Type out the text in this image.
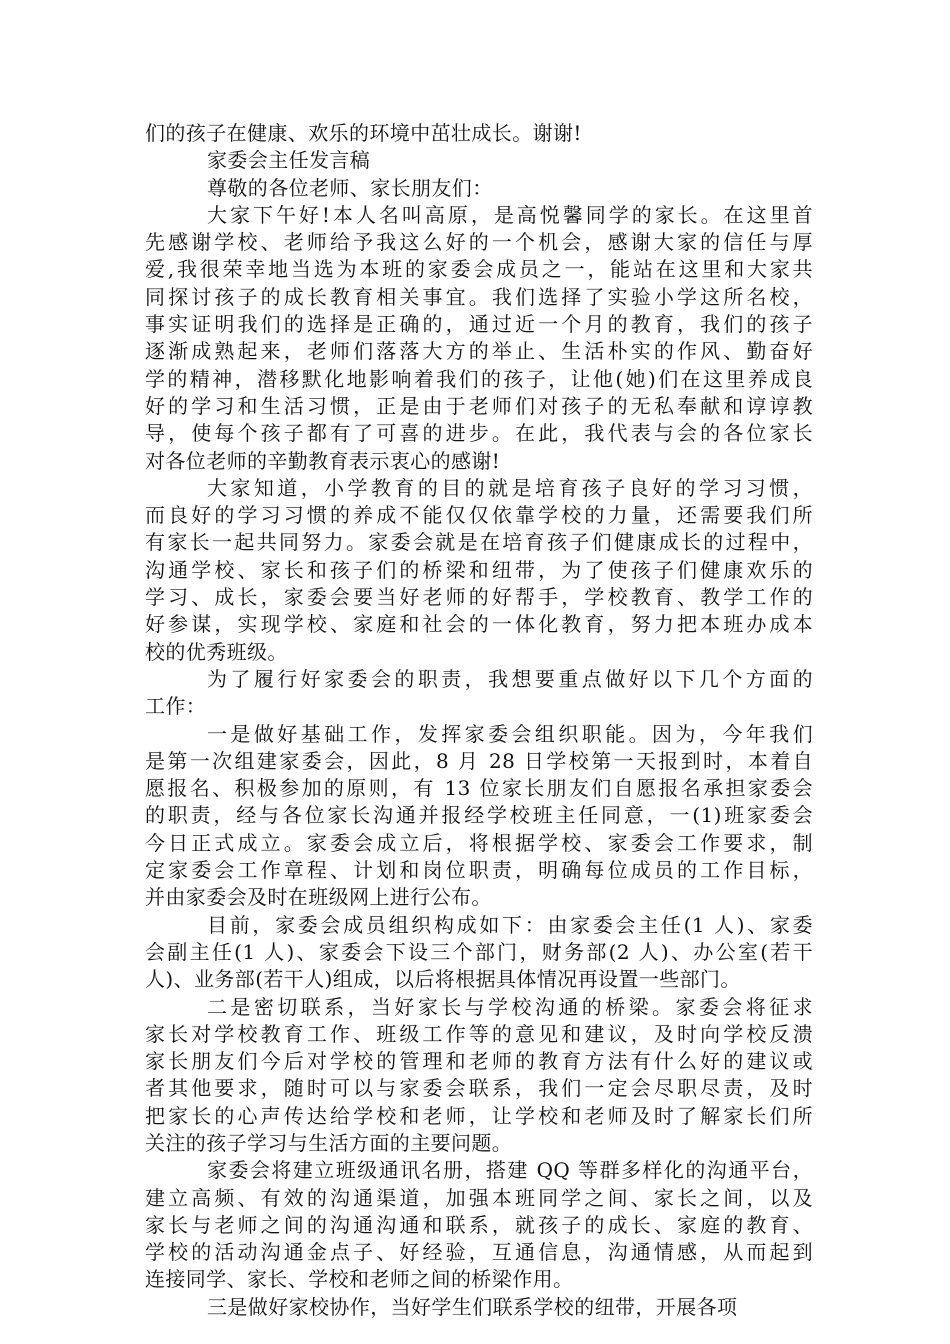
们的孩子在健康、欢乐的环境中茁壮成长。谢谢!
家委会主任发言稿
尊敬的各位老师、家长朋友们：
大家下午好!本人名叫高原，是高悦馨同学的家长。在这里首
先感谢学校、老师给予我这么好的一个机会，感谢大家的信任与厚
爱,我很荣幸地当选为本班的家委会成员之一，能站在这里和大家共
同探讨孩子的成长教育相关事宜。我们选择了实验小学这所名校，
事实证明我们的选择是正确的，通过近一个月的教育，我们的孩子
逐渐成熟起来，老师们落落大方的举止、生活朴实的作风、勤奋好
学的精神，潜移默化地影响着我们的孩子，让他(她)们在这里养成良
好的学习和生活习惯，正是由于老师们对孩子的无私奉献和谆谆教
导，使每个孩子都有了可喜的进步。在此，我代表与会的各位家长
对各位老师的辛勤教育表示衷心的感谢!
大家知道，小学教育的目的就是培育孩子良好的学习习惯，
而良好的学习习惯的养成不能仅仅依靠学校的力量，还需要我们所
有家长一起共同努力。家委会就是在培育孩子们健康成长的过程中，
沟通学校、家长和孩子们的桥梁和纽带，为了使孩子们健康欢乐的
学习、成长，家委会要当好老师的好帮手，学校教育、教学工作的
好参谋，实现学校、家庭和社会的一体化教育，努力把本班办成本
校的优秀班级。
为了履行好家委会的职责，我想要重点做好以下几个方面的
工作：
一是做好基础工作，发挥家委会组织职能。因为，今年我们
是第一次组建家委会，因此，8 月 28 日学校第一天报到时，本着自
愿报名、积极参加的原则，有 13 位家长朋友们自愿报名承担家委会
的职责，经与各位家长沟通并报经学校班主任同意，一(1)班家委会
今日正式成立。家委会成立后，将根据学校、家委会工作要求，制
定家委会工作章程、计划和岗位职责，明确每位成员的工作目标，
并由家委会及时在班级网上进行公布。
目前，家委会成员组织构成如下：由家委会主任(1 人)、家委
会副主任(1 人)、家委会下设三个部门，财务部(2 人)、办公室(若干
人)、业务部(若干人)组成，以后将根据具体情况再设置一些部门。
二是密切联系，当好家长与学校沟通的桥梁。家委会将征求
家长对学校教育工作、班级工作等的意见和建议，及时向学校反溃
家长朋友们今后对学校的管理和老师的教育方法有什么好的建议或
者其他要求，随时可以与家委会联系，我们一定会尽职尽责，及时
把家长的心声传达给学校和老师，让学校和老师及时了解家长们所
关注的孩子学习与生活方面的主要问题。
家委会将建立班级通讯名册，搭建 QQ 等群多样化的沟通平台，
建立高频、有效的沟通渠道，加强本班同学之间、家长之间，以及
家长与老师之间的沟通沟通和联系，就孩子的成长、家庭的教育、
学校的活动沟通金点子、好经验，互通信息，沟通情感，从而起到
连接同学、家长、学校和老师之间的桥梁作用。
三是做好家校协作，当好学生们联系学校的纽带，开展各项
